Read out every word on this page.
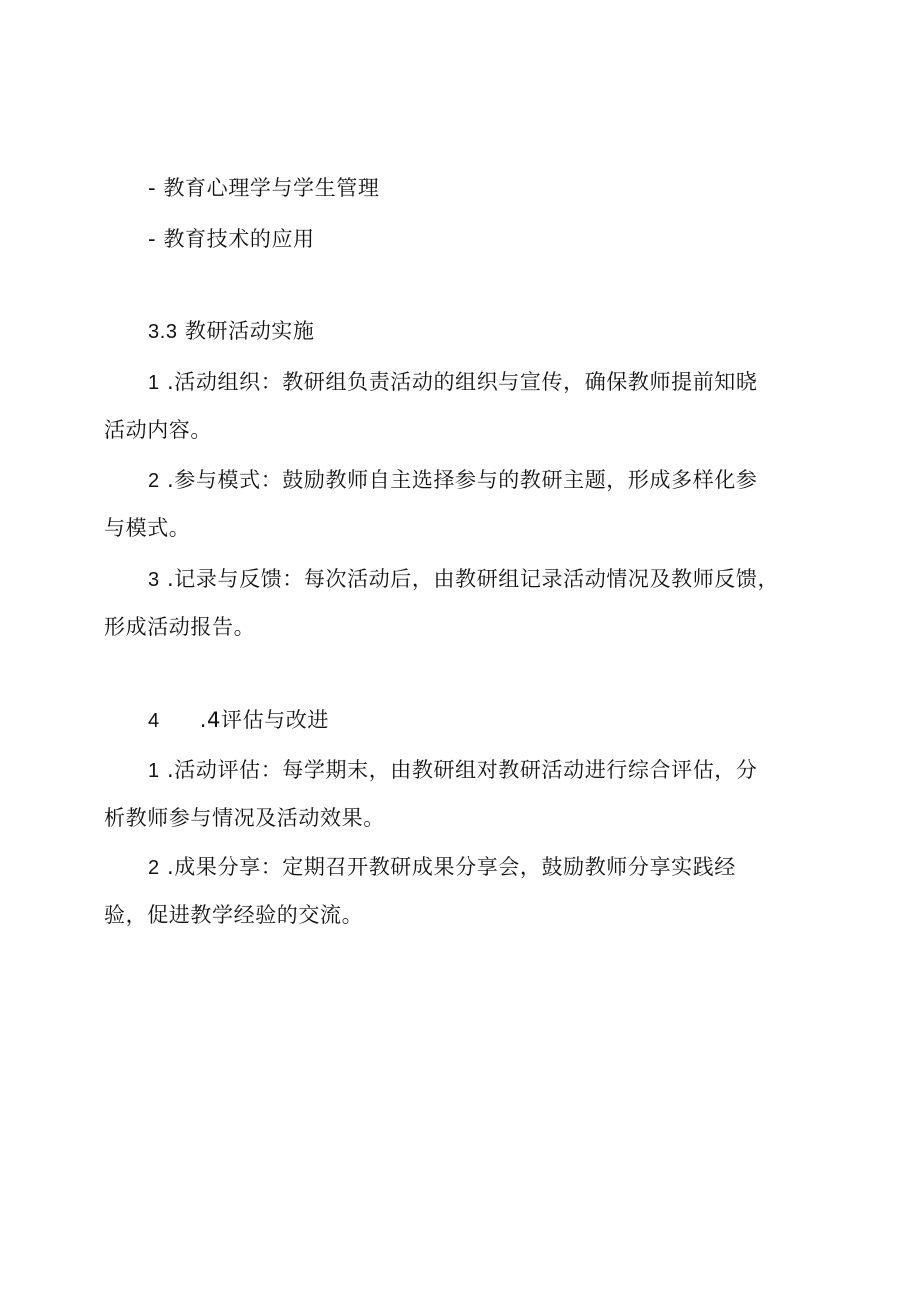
- 教育心理学与学生管理
- 教育技术的应用
3.3 教研活动实施
1 .活动组织：教研组负责活动的组织与宣传，确保教师提前知晓
活动内容。
2 .参与模式：鼓励教师自主选择参与的教研主题，形成多样化参
与模式。
3 .记录与反馈：每次活动后，由教研组记录活动情况及教师反馈，
形成活动报告。
4 .4评估与改进
1 .活动评估：每学期末，由教研组对教研活动进行综合评估，分
析教师参与情况及活动效果。
2 .成果分享：定期召开教研成果分享会，鼓励教师分享实践经
验，促进教学经验的交流。
